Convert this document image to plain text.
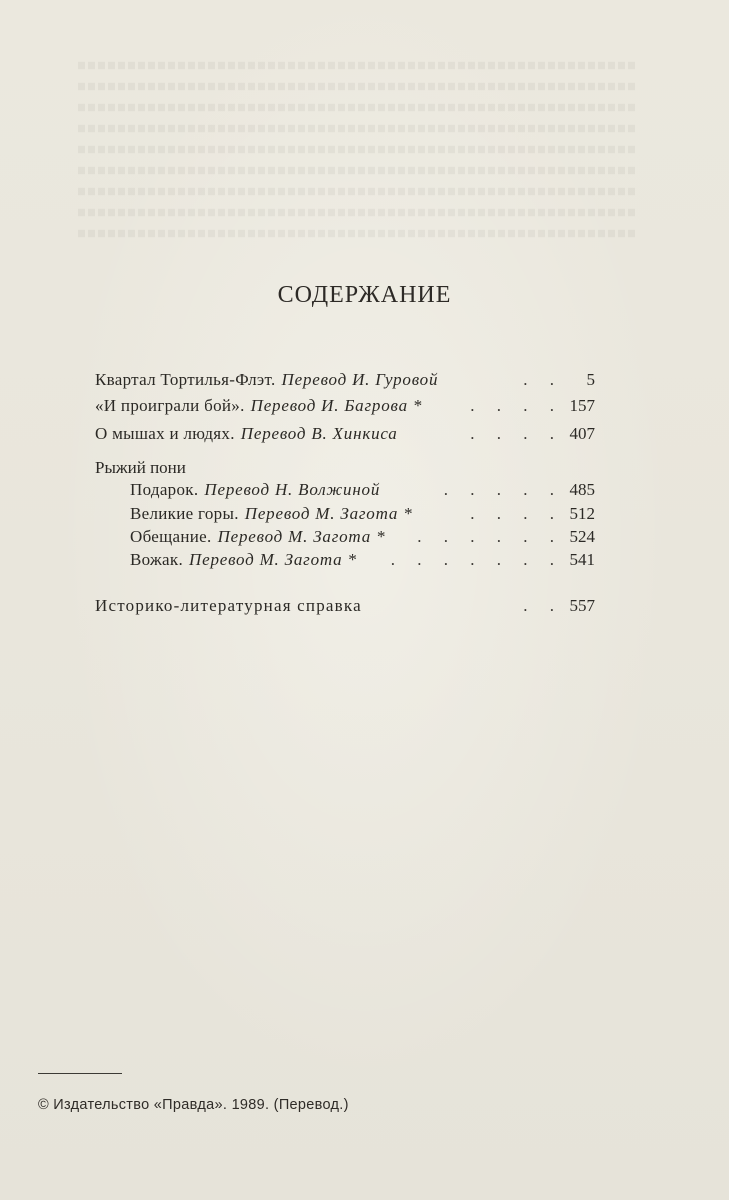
СОДЕРЖАНИЕ
Квартал Тортилья-Флэт. Перевод И. Гуровой	. .	5
«И проиграли бой». Перевод И. Багрова *	. . . . 157
О мышах и людях. Перевод В. Хинкиса	. . . . 407
Рыжий пони
Подарок. Перевод Н. Волжиной	. . . . . 485
Великие горы. Перевод М. Загота *	. . . . 512
Обещание. Перевод М. Загота *	. . . . . . 524
Вожак. Перевод М. Загота *	. . . . . . . 541
Историко-литературная справка	. . 557
© Издательство «Правда». 1989. (Перевод.)
